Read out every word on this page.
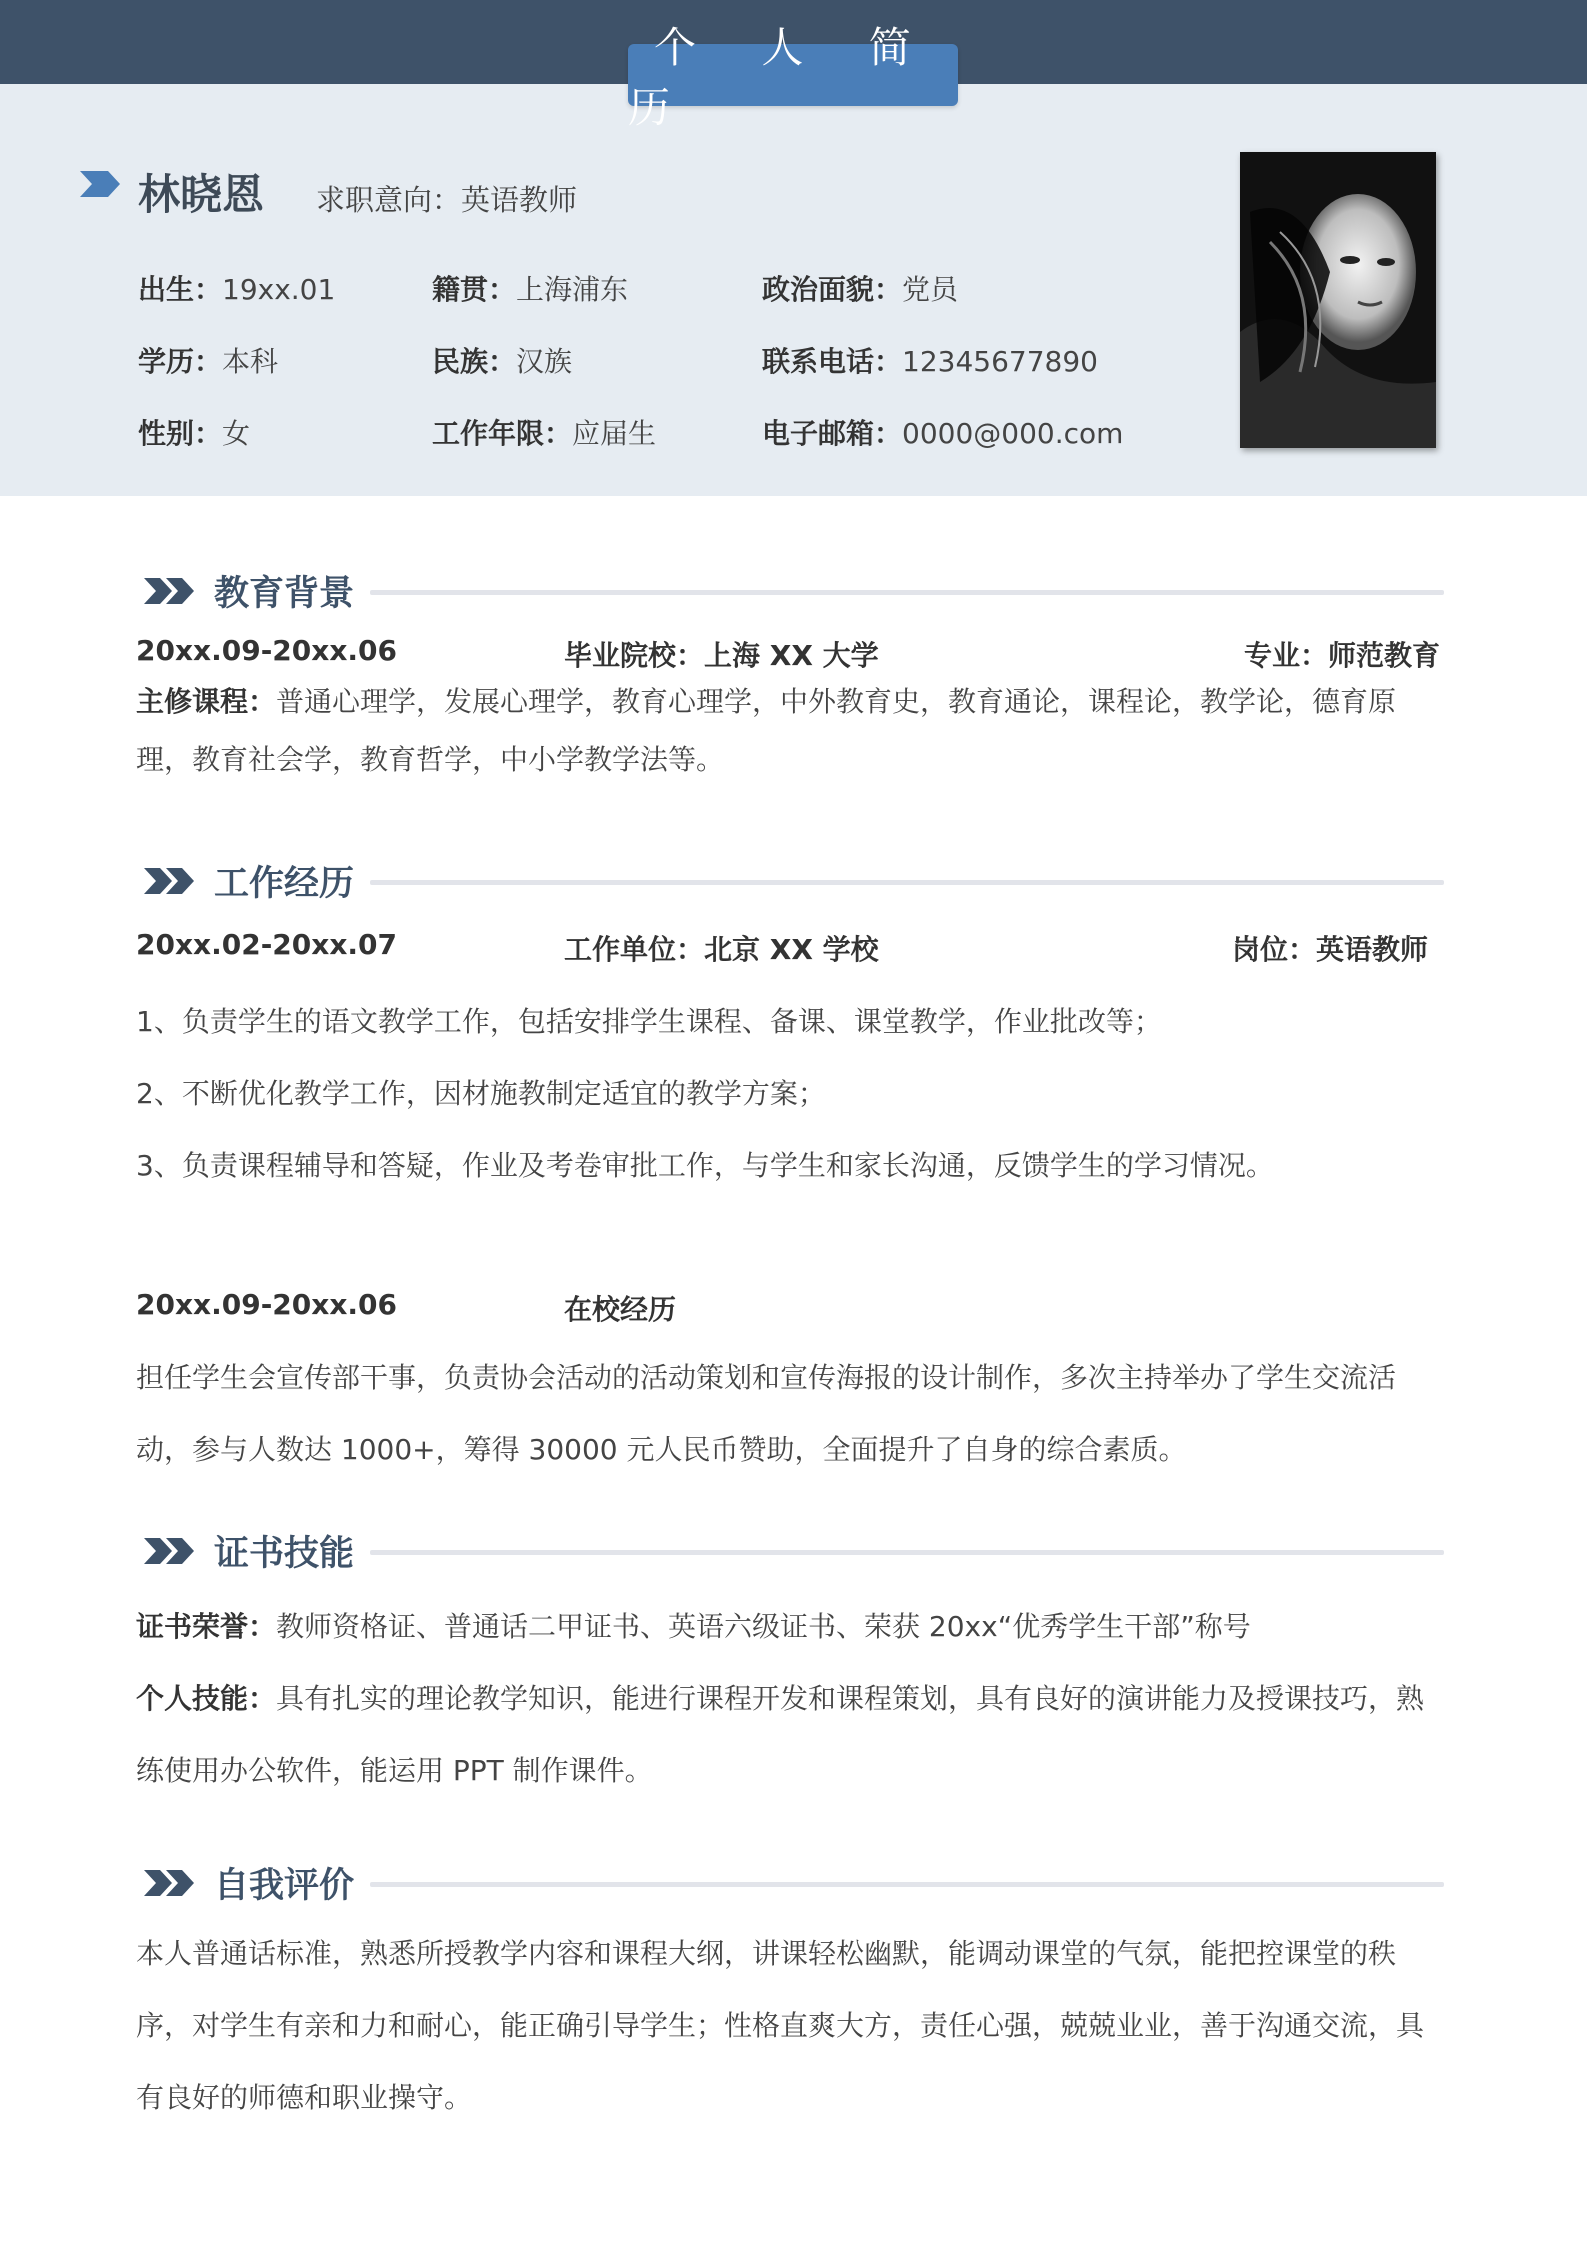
个 人 简
林晓恩 求职意向：英语教师
出生：19xx.01	籍贯：上海浦东	政治面貌：党员
学历：本科	民族：汉族	联系电话：12345677890
性别：女	工作年限：应届生	电子邮箱：0000@000.com
教育背景
20xx.09-20xx.06	毕业院校：上海 XX 大学	专业：师范教育
主修课程：普通心理学，发展心理学，教育心理学，中外教育史，教育通论，课程论，教学论，德育原理，教育社会学，教育哲学，中小学教学法等。
工作经历
20xx.02-20xx.07	工作单位：北京 XX 学校	岗位：英语教师
1、负责学生的语文教学工作，包括安排学生课程、备课、课堂教学，作业批改等；
2、不断优化教学工作，因材施教制定适宜的教学方案；
3、负责课程辅导和答疑，作业及考卷审批工作，与学生和家长沟通，反馈学生的学习情况。
20xx.09-20xx.06	在校经历
担任学生会宣传部干事，负责协会活动的活动策划和宣传海报的设计制作，多次主持举办了学生交流活动，参与人数达 1000+，筹得 30000 元人民币赞助，全面提升了自身的综合素质。
证书技能
证书荣誉：教师资格证、普通话二甲证书、英语六级证书、荣获 20xx“优秀学生干部”称号
个人技能：具有扎实的理论教学知识，能进行课程开发和课程策划，具有良好的演讲能力及授课技巧，熟练使用办公软件，能运用 PPT 制作课件。
自我评价
本人普通话标准，熟悉所授教学内容和课程大纲，讲课轻松幽默，能调动课堂的气氛，能把控课堂的秩序，对学生有亲和力和耐心，能正确引导学生；性格直爽大方，责任心强，兢兢业业，善于沟通交流，具有良好的师德和职业操守。
